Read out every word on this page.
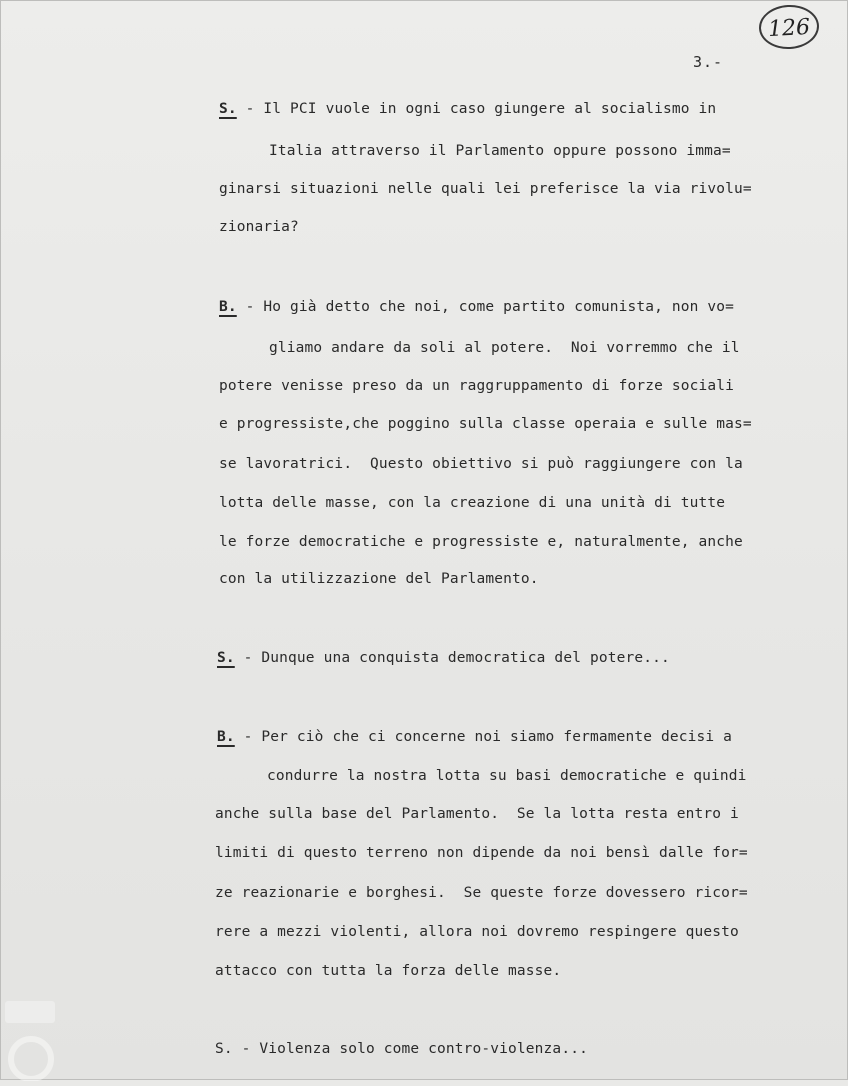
126
3.-
S. - Il PCI vuole in ogni caso giungere al socialismo in
Italia attraverso il Parlamento oppure possono imma=
ginarsi situazioni nelle quali lei preferisce la via rivolu=
zionaria?
B. - Ho già detto che noi, come partito comunista, non vo=
gliamo andare da soli al potere.  Noi vorremmo che il
potere venisse preso da un raggruppamento di forze sociali
e progressiste,che poggino sulla classe operaia e sulle mas=
se lavoratrici.  Questo obiettivo si può raggiungere con la
lotta delle masse, con la creazione di una unità di tutte
le forze democratiche e progressiste e, naturalmente, anche
con la utilizzazione del Parlamento.
S. - Dunque una conquista democratica del potere...
B. - Per ciò che ci concerne noi siamo fermamente decisi a
condurre la nostra lotta su basi democratiche e quindi
anche sulla base del Parlamento.  Se la lotta resta entro i
limiti di questo terreno non dipende da noi bensì dalle for=
ze reazionarie e borghesi.  Se queste forze dovessero ricor=
rere a mezzi violenti, allora noi dovremo respingere questo
attacco con tutta la forza delle masse.
S. - Violenza solo come contro-violenza...
